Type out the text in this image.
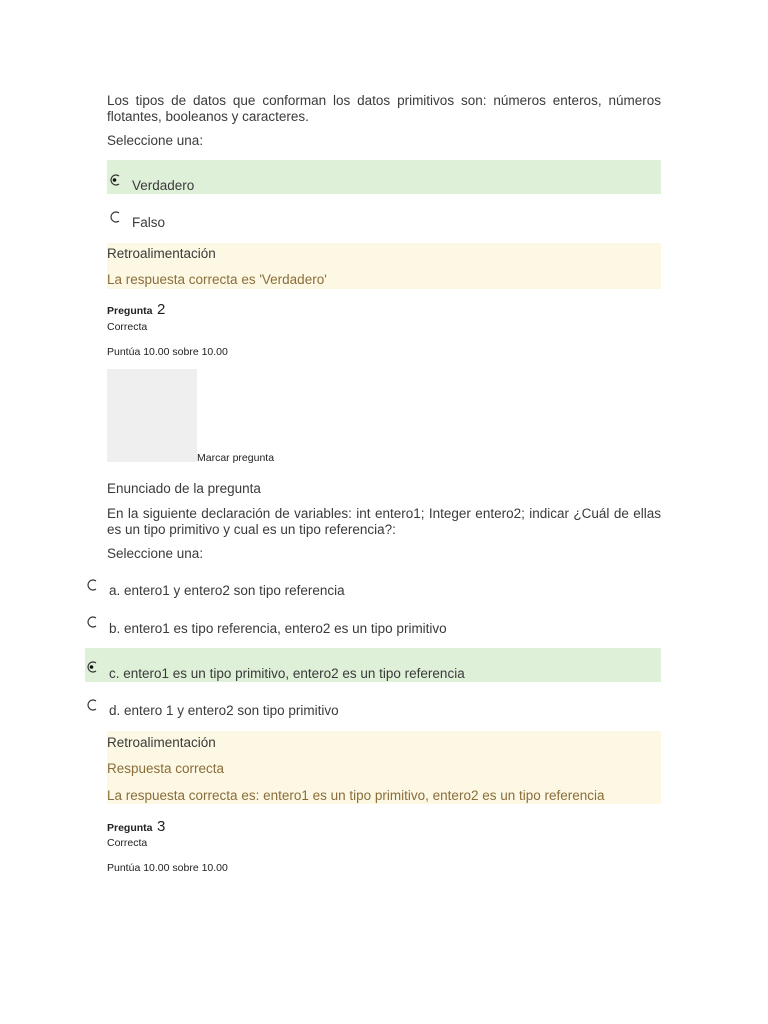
Los tipos de datos que conforman los datos primitivos son: números enteros, números flotantes, booleanos y caracteres.
Seleccione una:
Verdadero
Falso
Retroalimentación
La respuesta correcta es 'Verdadero'
Pregunta 2
Correcta
Puntúa 10.00 sobre 10.00
Marcar pregunta
Enunciado de la pregunta
En la siguiente declaración de variables: int entero1; Integer entero2; indicar ¿Cuál de ellas es un tipo primitivo y cual es un tipo referencia?:
Seleccione una:
a. entero1 y entero2 son tipo referencia
b. entero1 es tipo referencia, entero2 es un tipo primitivo
c. entero1 es un tipo primitivo, entero2 es un tipo referencia
d. entero 1 y entero2 son tipo primitivo
Retroalimentación
Respuesta correcta
La respuesta correcta es: entero1 es un tipo primitivo, entero2 es un tipo referencia
Pregunta 3
Correcta
Puntúa 10.00 sobre 10.00
